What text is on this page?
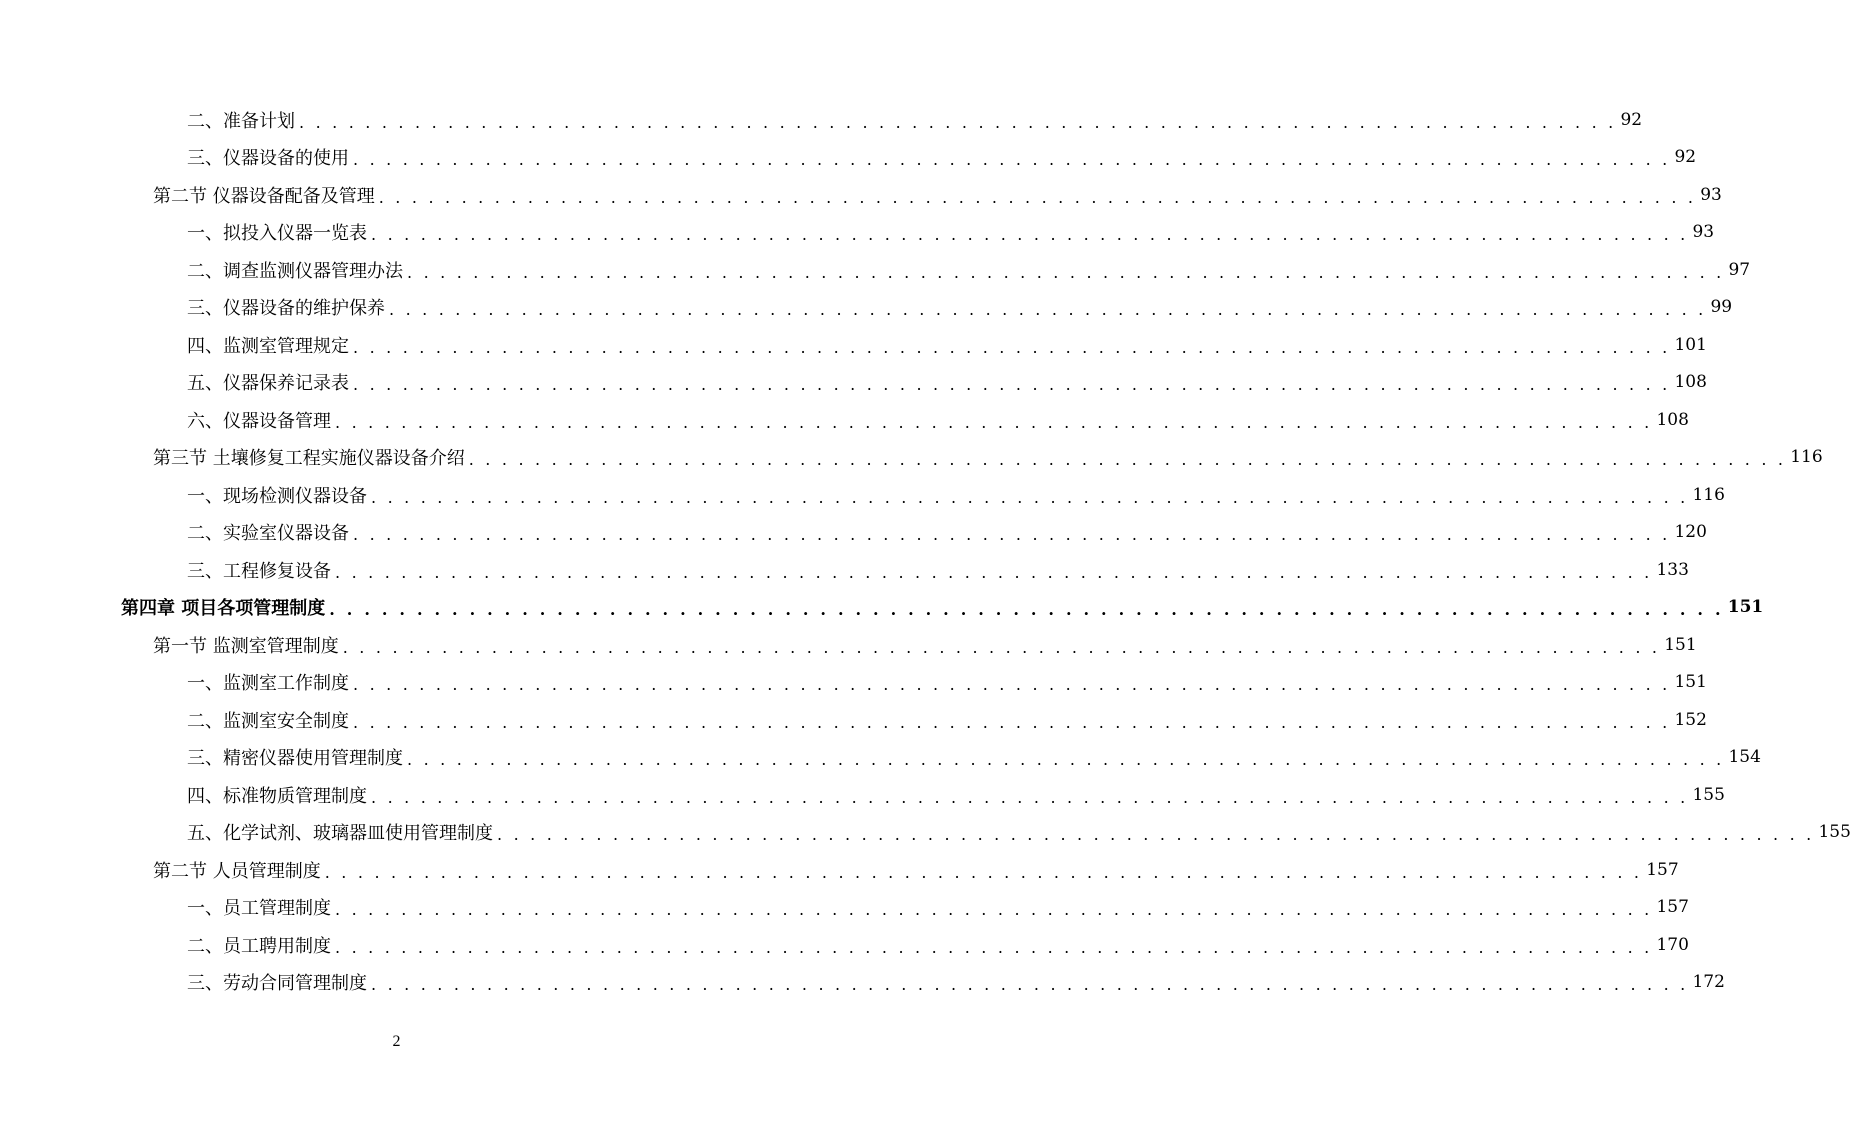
二、准备计划 . . . . . . . . . . . . . . . . . . . . . . . . . . . . . . . . . . . . . . . . . . . . . . . . . . . . . . . . . . . . . . . . . . . . . . . . . . . . . . . . 92
三、仪器设备的使用 . . . . . . . . . . . . . . . . . . . . . . . . . . . . . . . . . . . . . . . . . . . . . . . . . . . . . . . . . . . . . . . . . . . . . . . . . . . . . . . . 92
第二节 仪器设备配备及管理 . . . . . . . . . . . . . . . . . . . . . . . . . . . . . . . . . . . . . . . . . . . . . . . . . . . . . . . . . . . . . . . . . . . . . . . . . . . . . . . . 93
一、拟投入仪器一览表 . . . . . . . . . . . . . . . . . . . . . . . . . . . . . . . . . . . . . . . . . . . . . . . . . . . . . . . . . . . . . . . . . . . . . . . . . . . . . . . . 93
二、调查监测仪器管理办法 . . . . . . . . . . . . . . . . . . . . . . . . . . . . . . . . . . . . . . . . . . . . . . . . . . . . . . . . . . . . . . . . . . . . . . . . . . . . . . . . 97
三、仪器设备的维护保养 . . . . . . . . . . . . . . . . . . . . . . . . . . . . . . . . . . . . . . . . . . . . . . . . . . . . . . . . . . . . . . . . . . . . . . . . . . . . . . . . 99
四、监测室管理规定 . . . . . . . . . . . . . . . . . . . . . . . . . . . . . . . . . . . . . . . . . . . . . . . . . . . . . . . . . . . . . . . . . . . . . . . . . . . . . . . . 101
五、仪器保养记录表 . . . . . . . . . . . . . . . . . . . . . . . . . . . . . . . . . . . . . . . . . . . . . . . . . . . . . . . . . . . . . . . . . . . . . . . . . . . . . . . . 108
六、仪器设备管理 . . . . . . . . . . . . . . . . . . . . . . . . . . . . . . . . . . . . . . . . . . . . . . . . . . . . . . . . . . . . . . . . . . . . . . . . . . . . . . . . 108
第三节 土壤修复工程实施仪器设备介绍 . . . . . . . . . . . . . . . . . . . . . . . . . . . . . . . . . . . . . . . . . . . . . . . . . . . . . . . . . . . . . . . . . . . . . . . . . . . . . . . . 116
一、现场检测仪器设备 . . . . . . . . . . . . . . . . . . . . . . . . . . . . . . . . . . . . . . . . . . . . . . . . . . . . . . . . . . . . . . . . . . . . . . . . . . . . . . . . 116
二、实验室仪器设备 . . . . . . . . . . . . . . . . . . . . . . . . . . . . . . . . . . . . . . . . . . . . . . . . . . . . . . . . . . . . . . . . . . . . . . . . . . . . . . . . 120
三、工程修复设备 . . . . . . . . . . . . . . . . . . . . . . . . . . . . . . . . . . . . . . . . . . . . . . . . . . . . . . . . . . . . . . . . . . . . . . . . . . . . . . . . 133
第四章 项目各项管理制度 . . . . . . . . . . . . . . . . . . . . . . . . . . . . . . . . . . . . . . . . . . . . . . . . . . . . . . . . . . . . . . . . . . . . . . . . . . . . . . . . 151
第一节 监测室管理制度 . . . . . . . . . . . . . . . . . . . . . . . . . . . . . . . . . . . . . . . . . . . . . . . . . . . . . . . . . . . . . . . . . . . . . . . . . . . . . . . . 151
一、监测室工作制度 . . . . . . . . . . . . . . . . . . . . . . . . . . . . . . . . . . . . . . . . . . . . . . . . . . . . . . . . . . . . . . . . . . . . . . . . . . . . . . . . 151
二、监测室安全制度 . . . . . . . . . . . . . . . . . . . . . . . . . . . . . . . . . . . . . . . . . . . . . . . . . . . . . . . . . . . . . . . . . . . . . . . . . . . . . . . . 152
三、精密仪器使用管理制度 . . . . . . . . . . . . . . . . . . . . . . . . . . . . . . . . . . . . . . . . . . . . . . . . . . . . . . . . . . . . . . . . . . . . . . . . . . . . . . . . 154
四、标准物质管理制度 . . . . . . . . . . . . . . . . . . . . . . . . . . . . . . . . . . . . . . . . . . . . . . . . . . . . . . . . . . . . . . . . . . . . . . . . . . . . . . . . 155
五、化学试剂、玻璃器皿使用管理制度 . . . . . . . . . . . . . . . . . . . . . . . . . . . . . . . . . . . . . . . . . . . . . . . . . . . . . . . . . . . . . . . . . . . . . . . . . . . . . . . . 155
第二节 人员管理制度 . . . . . . . . . . . . . . . . . . . . . . . . . . . . . . . . . . . . . . . . . . . . . . . . . . . . . . . . . . . . . . . . . . . . . . . . . . . . . . . . 157
一、员工管理制度 . . . . . . . . . . . . . . . . . . . . . . . . . . . . . . . . . . . . . . . . . . . . . . . . . . . . . . . . . . . . . . . . . . . . . . . . . . . . . . . . 157
二、员工聘用制度 . . . . . . . . . . . . . . . . . . . . . . . . . . . . . . . . . . . . . . . . . . . . . . . . . . . . . . . . . . . . . . . . . . . . . . . . . . . . . . . . 170
三、劳动合同管理制度 . . . . . . . . . . . . . . . . . . . . . . . . . . . . . . . . . . . . . . . . . . . . . . . . . . . . . . . . . . . . . . . . . . . . . . . . . . . . . . . . 172
2
